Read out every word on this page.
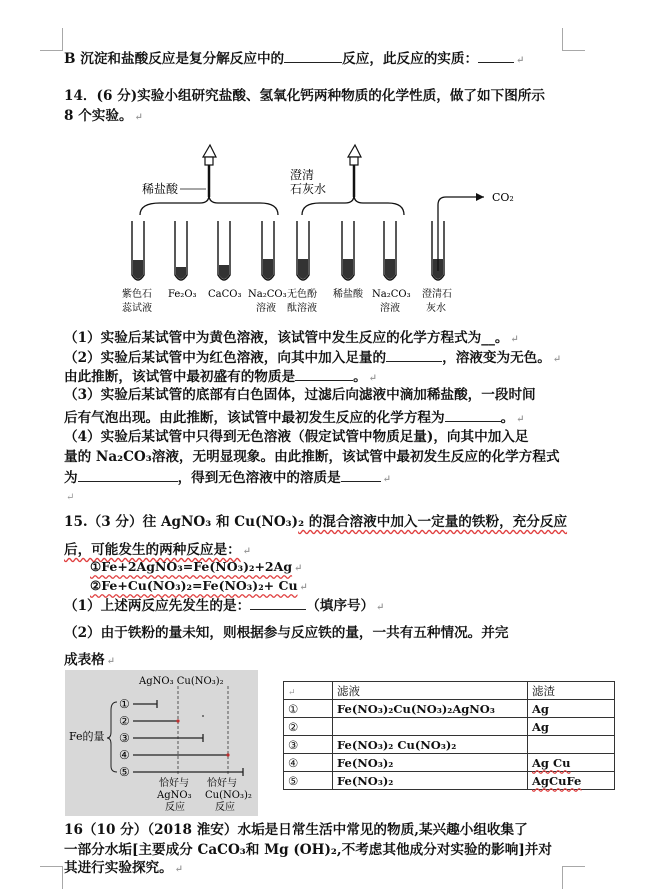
B 沉淀和盐酸反应是复分解反应中的	反应，此反应的实质：	↵
14．(6 分)实验小组研究盐酸、氢氧化钙两种物质的化学性质，做了如下图所示
8 个实验。 ↵
稀盐酸
澄清
石灰水
CO₂
紫色石
蕊试液
Fe₂O₃ CaCO₃ Na₂CO₃
溶液
无色酚
酞溶液
稀盐酸 Na₂CO₃
溶液
澄清石
灰水
（1）实验后某试管中为黄色溶液，该试管中发生反应的化学方程式为__。 ↵
（2）实验后某试管中为红色溶液，向其中加入足量的	，溶液变为无色。 ↵
由此推断，该试管中最初盛有的物质是	。 ↵
（3）实验后某试管的底部有白色固体，过滤后向滤液中滴加稀盐酸，一段时间
后有气泡出现。由此推断，该试管中最初发生反应的化学方程为	。 ↵
（4）实验后某试管中只得到无色溶液（假定试管中物质足量)，向其中加入足
量的 Na₂CO₃溶液，无明显现象。由此推断，该试管中最初发生反应的化学方程式
为	，得到无色溶液中的溶质是	↵
↵
15.（3 分）往 AgNO₃ 和 Cu(NO₃)₂ 的混合溶液中加入一定量的铁粉，充分反应
后，可能发生的两种反应是： ↵
①Fe+2AgNO₃=Fe(NO₃)₂+2Ag ↵
②Fe+Cu(NO₃)₂=Fe(NO₃)₂+ Cu ↵
（1）上述两反应先发生的是：	（填序号） ↵
（2）由于铁粉的量未知，则根据参与反应铁的量，一共有五种情况。并完
成表格 ↵
AgNO₃ Cu(NO₃)₂
Fe的量
①
②
③
④
⑤
恰好与
AgNO₃
反应
恰好与
Cu(NO₃)₂
反应
↵	滤液	滤渣
①	Fe(NO₃)₂Cu(NO₃)₂AgNO₃	Ag
②		Ag
③	Fe(NO₃)₂ Cu(NO₃)₂	
④	Fe(NO₃)₂	Ag Cu
⑤	Fe(NO₃)₂	AgCuFe
16（10 分）（2018 淮安）水垢是日常生活中常见的物质,某兴趣小组收集了
一部分水垢[主要成分 CaCO₃和 Mg (OH)₂,不考虑其他成分对实验的影响]并对
其进行实验探究。 ↵
